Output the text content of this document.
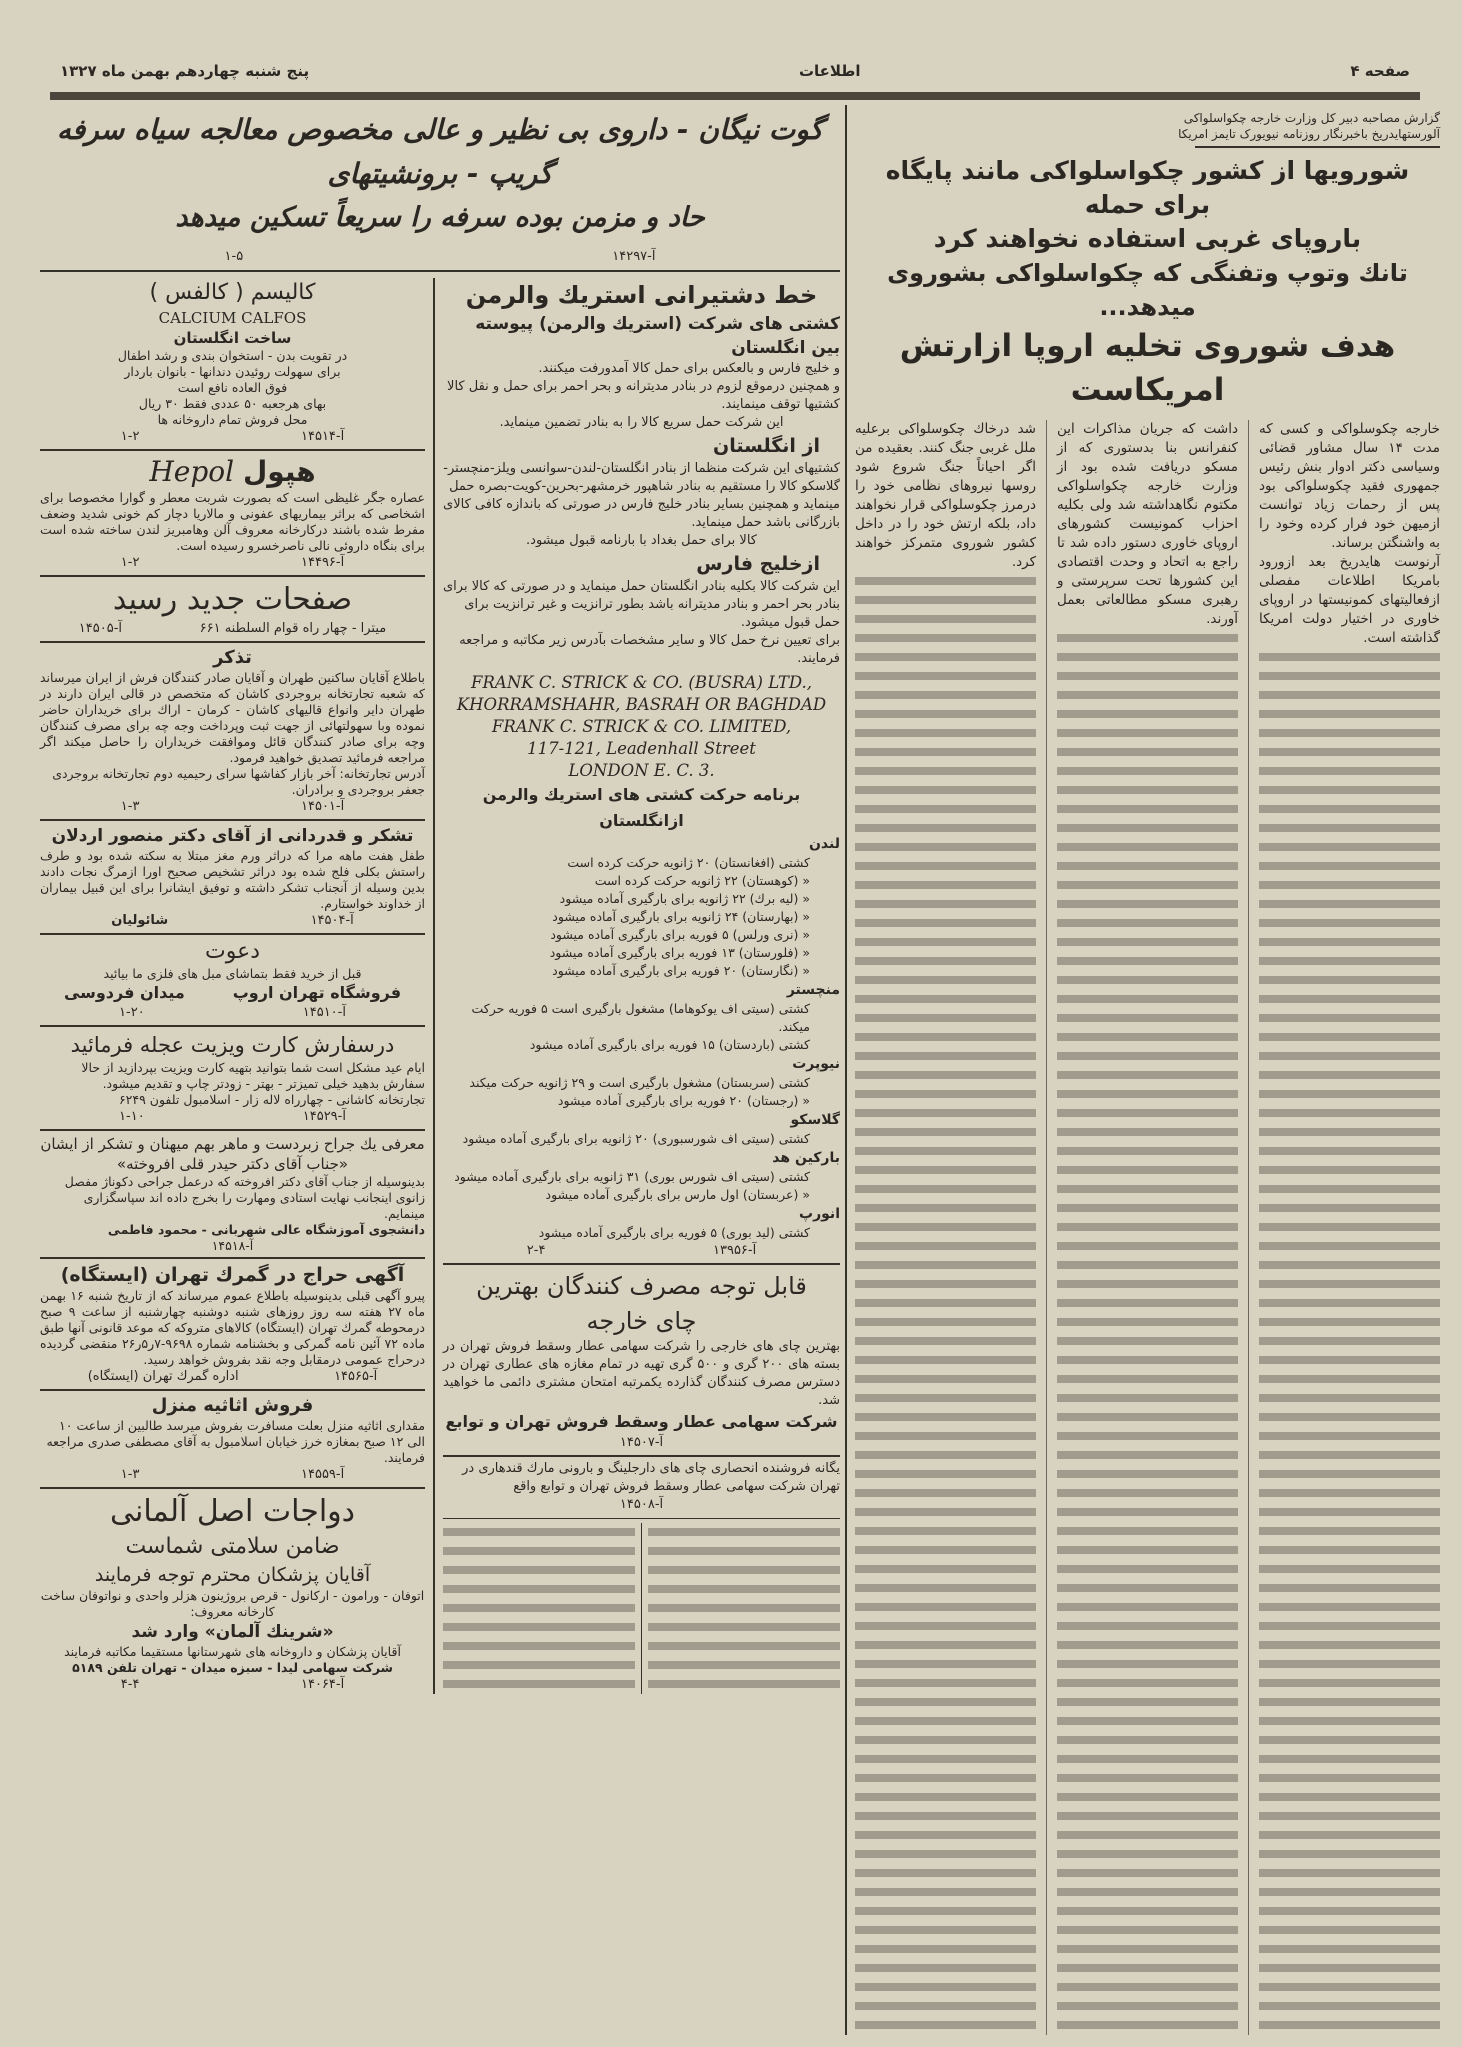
صفحه ۴
اطلاعات
پنج شنبه چهاردهم بهمن ماه ۱۳۲۷

گوت نیگان - داروی بی نظیر و عالی مخصوص معالجه سیاه سرفه گریپ - برونشیتهای

حاد و مزمن بوده سرفه را سریعاً تسکین میدهد

آ-۱۴۲۹۷
۱-۵
کالیسم ( کالفس )
CALCIUM CALFOS

ساخت انگلستان

در تقویت بدن - استخوان بندی و رشد اطفال

برای سهولت روئیدن دندانها - بانوان باردار

فوق العاده نافع است

بهای هرجعبه ۵۰ عددی فقط ۳۰ ریال

محل فروش تمام داروخانه ها

آ-۱۴۵۱۴
۱-۲
هپول Hepol

عصاره جگر غلیظی است که بصورت شربت معطر و گوارا مخصوصا برای اشخاصی که براثر بیماریهای عفونی و مالاریا دچار کم خونی شدید وضعف مفرط شده باشند درکارخانه معروف آلن وهامبریز لندن ساخته شده است برای بنگاه داروئی نالی ناصرخسرو رسیده است.

آ-۱۴۴۹۶
۱-۲
صفحات جدید رسید
میترا - چهار راه قوام السلطنه ۶۶۱
آ-۱۴۵۰۵
تذکر

باطلاع آقایان ساکنین طهران و آقایان صادر کنندگان فرش از ایران میرساند که شعبه تجارتخانه بروجردی کاشان که متخصص در قالی ایران دارند در طهران دایر وانواع قالیهای کاشان - کرمان - اراك برای خریداران حاضر نموده وبا سهولتهائی از جهت ثبت وپرداخت وجه چه برای مصرف کنندگان وچه برای صادر کنندگان قائل وموافقت خریداران را حاصل میکند اگر مراجعه فرمائید تصدیق خواهید فرمود.

آدرس تجارتخانه: آخر بازار کفاشها سرای رحیمیه دوم تجارتخانه بروجردی جعفر بروجردی و برادران.

آ-۱۴۵۰۱
۱-۳
تشکر و قدردانی از آقای دکتر منصور اردلان

طفل هفت ماهه مرا که دراثر ورم مغز مبتلا به سکته شده بود و طرف راستش بکلی فلج شده بود دراثر تشخیص صحیح اورا ازمرگ نجات دادند بدین وسیله از آنجناب تشکر داشته و توفیق ایشانرا برای این قبیل بیماران از خداوند خواستارم.

آ-۱۴۵۰۴
شائولیان
دعوت

قبل از خرید فقط بتماشای مبل های فلزی ما بیائید

فروشگاه تهران اروپ
میدان فردوسی
آ-۱۴۵۱۰
۱-۲۰
درسفارش کارت ویزیت عجله فرمائید

ایام عید مشکل است شما بتوانید بتهیه کارت ویزیت بپردازید از حالا سفارش بدهید خیلی تمیزتر - بهتر - زودتر چاپ و تقدیم میشود.

تجارتخانه کاشانی - چهارراه لاله زار - اسلامبول تلفون ۶۲۴۹

آ-۱۴۵۲۹
۱-۱۰
معرفی یك جراح زبردست و ماهر بهم میهنان و تشکر از ایشان
«جناب آقای دکتر حیدر قلی افروخته»

بدینوسیله از جناب آقای دکتر افروخته که درعمل جراحی دکوناژ مفصل زانوی اینجانب نهایت استادی ومهارت را بخرج داده اند سپاسگزاری مینمایم.

دانشجوی آموزشگاه عالی شهربانی - محمود فاطمی

آ-۱۴۵۱۸

آگهی حراج در گمرك تهران (ایستگاه)

پیرو آگهی قبلی بدینوسیله باطلاع عموم میرساند که از تاریخ شنبه ۱۶ بهمن ماه ۲۷ هفته سه روز روزهای شنبه دوشنبه چهارشنبه از ساعت ۹ صبح درمحوطه گمرك تهران (ایستگاه) کالاهای متروکه که موعد قانونی آنها طبق ماده ۷۲ آئین نامه گمرکی و بخشنامه شماره ۹۶۹۸-۷ر۵ر۲۶ منقضی گردیده درحراج عمومی درمقابل وجه نقد بفروش خواهد رسید.

آ-۱۴۵۶۵
اداره گمرك تهران (ایستگاه)
فروش اثاثیه منزل

مقداری اثاثیه منزل بعلت مسافرت بفروش میرسد طالبین از ساعت ۱۰ الی ۱۲ صبح بمغازه خرز خیابان اسلامبول به آقای مصطفی صدری مراجعه فرمایند.

آ-۱۴۵۵۹
۱-۳
دواجات اصل آلمانی
ضامن سلامتی شماست
آقایان پزشکان محترم توجه فرمایند

اتوفان - ورامون - ارکانول - قرص بروژینون هزلر واحدی و نواتوفان ساخت کارخانه معروف:

«شرینك آلمان» وارد شد

آقایان پزشکان و داروخانه های شهرستانها مستقیما مکاتبه فرمایند

شرکت سهامی لیدا - سبزه میدان - تهران تلفن ۵۱۸۹

آ-۱۴۰۶۴
۴-۴
خط دشتیرانی استریك والرمن

کشتی های شرکت (استریك والرمن) پیوسته بین انگلستان

و خلیج فارس و بالعکس برای حمل کالا آمدورفت میکنند.

و همچنین درموقع لزوم در بنادر مدیترانه و بحر احمر برای حمل و نقل کالا کشتیها توقف مینمایند.

این شرکت حمل سریع کالا را به بنادر تضمین مینماید.

از انگلستان

کشتیهای این شرکت منظما از بنادر انگلستان-لندن-سوانسی ویلز-منچستر-گلاسکو کالا را مستقیم به بنادر شاهپور خرمشهر-بحرین-کویت-بصره حمل مینماید و همچنین بسایر بنادر خلیج فارس در صورتی که باندازه کافی کالای بازرگانی باشد حمل مینماید.

کالا برای حمل بغداد با بارنامه قبول میشود.

ازخلیج فارس

این شرکت کالا بکلیه بنادر انگلستان حمل مینماید و در صورتی که کالا برای بنادر بحر احمر و بنادر مدیترانه باشد بطور ترانزیت و غیر ترانزیت برای حمل قبول میشود.

برای تعیین نرخ حمل کالا و سایر مشخصات بآدرس زیر مکاتبه و مراجعه فرمایند.

FRANK C. STRICK & CO. (BUSRA) LTD.,
KHORRAMSHAHR, BASRAH OR BAGHDAD
FRANK C. STRICK & CO. LIMITED,
117-121, Leadenhall Street
LONDON E. C. 3.
برنامه حرکت کشتی های استریك والرمن ازانگلستان
لندن
کشتی (افغانستان) ۲۰ ژانویه حرکت کرده است
« (کوهستان) ۲۲ ژانویه حرکت کرده است
« (لیه برك) ۲۲ ژانویه برای بارگیری آماده میشود
« (بهارستان) ۲۴ ژانویه برای بارگیری آماده میشود
« (نری ورلس) ۵ فوریه برای بارگیری آماده میشود
« (فلورستان) ۱۳ فوریه برای بارگیری آماده میشود
« (نگارستان) ۲۰ فوریه برای بارگیری آماده میشود
منچستر
کشتی (سیتی اف یوکوهاما) مشغول بارگیری است ۵ فوریه حرکت میکند.
کشتی (باردستان) ۱۵ فوریه برای بارگیری آماده میشود
نیوپرت
کشتی (سربستان) مشغول بارگیری است و ۲۹ ژانویه حرکت میکند
« (رجستان) ۲۰ فوریه برای بارگیری آماده میشود
گلاسکو
کشتی (سیتی اف شورسبوری) ۲۰ ژانویه برای بارگیری آماده میشود
بارکین هد
کشتی (سیتی اف شورس بوری) ۳۱ ژانویه برای بارگیری آماده میشود
« (عربستان) اول مارس برای بارگیری آماده میشود
انورپ
کشتی (لید بوری) ۵ فوریه برای بارگیری آماده میشود
آ-۱۳۹۵۶
۲-۴
قابل توجه مصرف کنندگان بهترین
چای خارجه

بهترین چای های خارجی را شرکت سهامی عطار وسقط فروش تهران در بسته های ۲۰۰ گری و ۵۰۰ گری تهیه در تمام مغازه های عطاری تهران در دسترس مصرف کنندگان گذارده یکمرتبه امتحان مشتری دائمی ما خواهید شد.

شرکت سهامی عطار وسقط فروش تهران و توابع

آ-۱۴۵۰۷

یگانه فروشنده انحصاری چای های دارجلینگ و بارونی مارك قندهاری در تهران شرکت سهامی عطار وسقط فروش تهران و توابع واقع

آ-۱۴۵۰۸

گزارش مصاحبه دبیر کل وزارت خارجه چکواسلواکی

آلورستهایدریخ باخبرنگار روزنامه نیویورک تایمز امریکا

شورویها از کشور چکواسلواکی مانند پایگاه برای حمله
باروپای غربی استفاده نخواهند کرد
تانك وتوپ وتفنگی كه چكواسلواكی بشوروی میدهد...
هدف شوروی تخلیه اروپا ازارتش امریکاست

خارجه چکوسلواکی و کسی که مدت ۱۴ سال مشاور قضائی وسیاسی دکتر ادوار بنش رئیس جمهوری فقید چکوسلواکی بود پس از رحمات زیاد توانست ازمیهن خود فرار کرده وخود را به واشنگتن برساند.

آرنوست هایدریخ بعد ازورود بامریکا اطلاعات مفصلی ازفعالیتهای کمونیستها در اروپای خاوری در اختیار دولت امریکا گذاشته است.

داشت که جریان مذاکرات این کنفرانس بنا بدستوری که از مسکو دریافت شده بود از وزارت خارجه چکواسلواکی مکتوم نگاهداشته شد ولی بکلیه احزاب کمونیست کشورهای اروپای خاوری دستور داده شد تا راجع به اتحاد و وحدت اقتصادی این کشورها تحت سرپرستی و رهبری مسکو مطالعاتی بعمل آورند.

شد درخاك چكوسلواكی برعلیه ملل غربی جنگ کنند. بعقیده من اگر احیاناً جنگ شروع شود روسها نیروهای نظامی خود را درمرز چکوسلواکی قرار نخواهند داد، بلکه ارتش خود را در داخل کشور شوروی متمرکز خواهند کرد.
